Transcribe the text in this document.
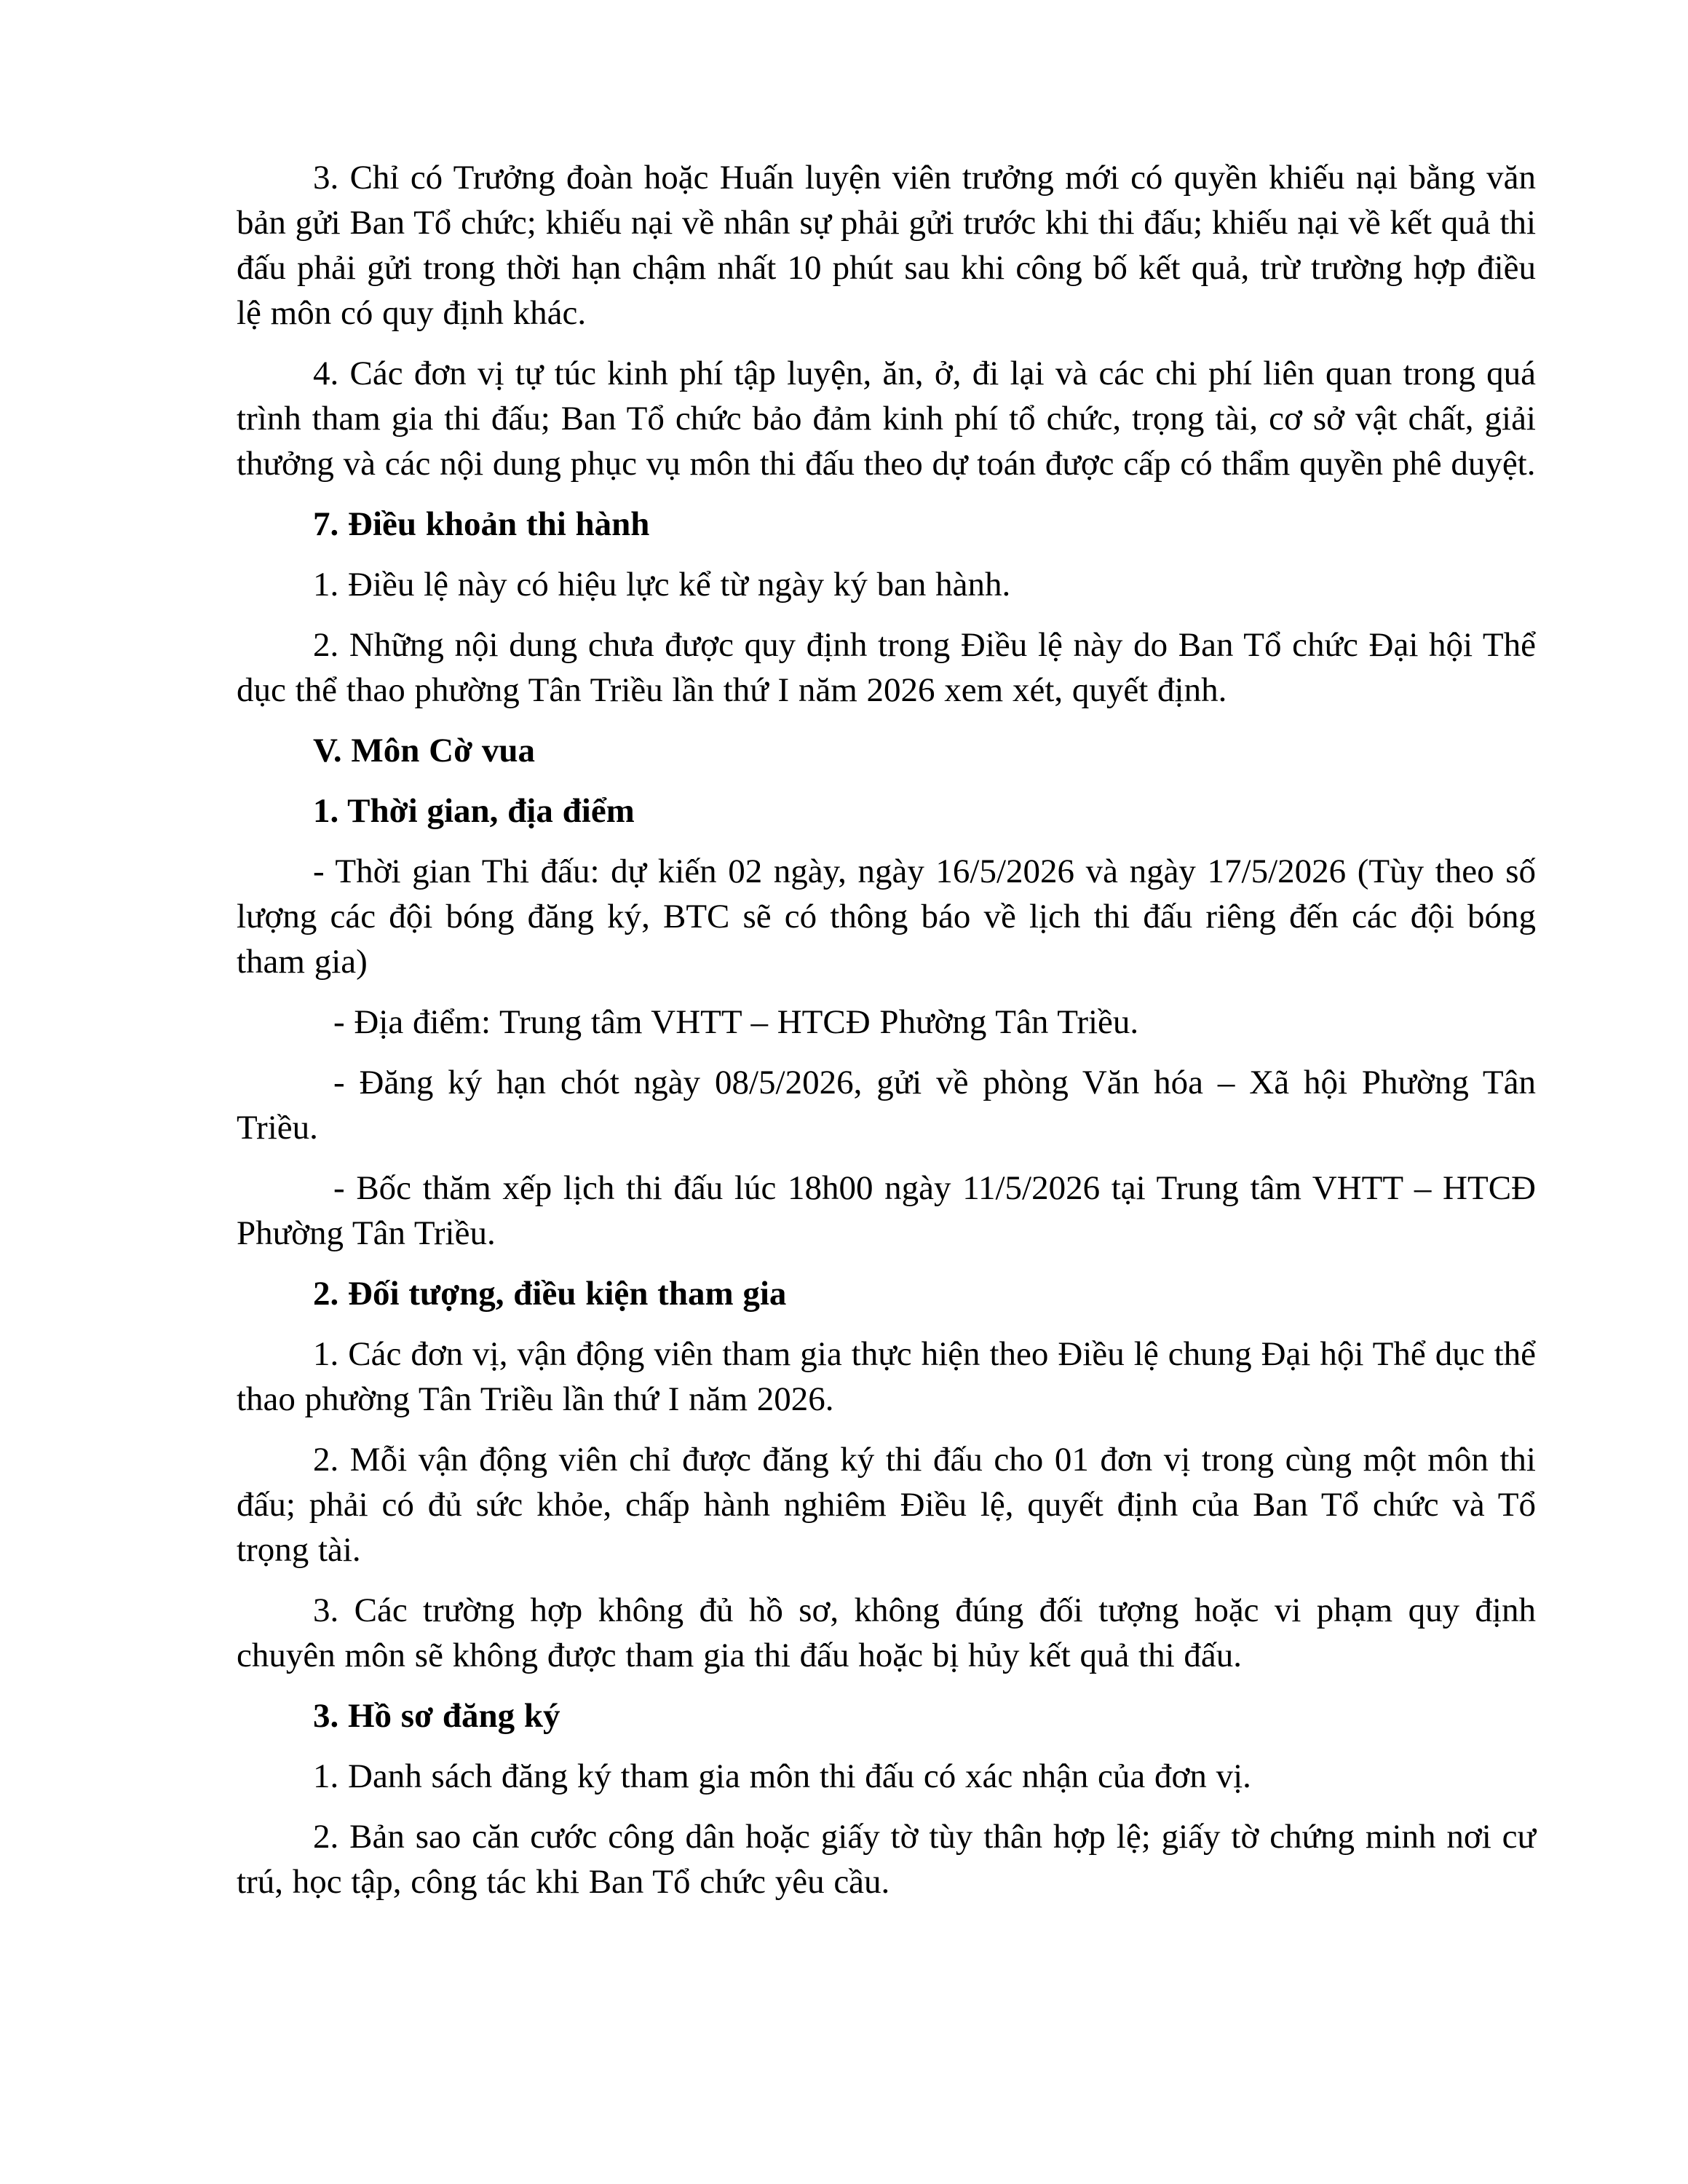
3. Chỉ có Trưởng đoàn hoặc Huấn luyện viên trưởng mới có quyền khiếu nại bằng văn bản gửi Ban Tổ chức; khiếu nại về nhân sự phải gửi trước khi thi đấu; khiếu nại về kết quả thi đấu phải gửi trong thời hạn chậm nhất 10 phút sau khi công bố kết quả, trừ trường hợp điều lệ môn có quy định khác.

4. Các đơn vị tự túc kinh phí tập luyện, ăn, ở, đi lại và các chi phí liên quan trong quá trình tham gia thi đấu; Ban Tổ chức bảo đảm kinh phí tổ chức, trọng tài, cơ sở vật chất, giải thưởng và các nội dung phục vụ môn thi đấu theo dự toán được cấp có thẩm quyền phê duyệt.

7. Điều khoản thi hành

1. Điều lệ này có hiệu lực kể từ ngày ký ban hành.

2. Những nội dung chưa được quy định trong Điều lệ này do Ban Tổ chức Đại hội Thể dục thể thao phường Tân Triều lần thứ I năm 2026 xem xét, quyết định.

V. Môn Cờ vua

1. Thời gian, địa điểm

- Thời gian Thi đấu: dự kiến 02 ngày, ngày 16/5/2026 và ngày 17/5/2026 (Tùy theo số lượng các đội bóng đăng ký, BTC sẽ có thông báo về lịch thi đấu riêng đến các đội bóng tham gia)

- Địa điểm: Trung tâm VHTT – HTCĐ Phường Tân Triều.

- Đăng ký hạn chót ngày 08/5/2026, gửi về phòng Văn hóa – Xã hội Phường Tân Triều.

- Bốc thăm xếp lịch thi đấu lúc 18h00 ngày 11/5/2026 tại Trung tâm VHTT – HTCĐ Phường Tân Triều.

2. Đối tượng, điều kiện tham gia

1. Các đơn vị, vận động viên tham gia thực hiện theo Điều lệ chung Đại hội Thể dục thể thao phường Tân Triều lần thứ I năm 2026.

2. Mỗi vận động viên chỉ được đăng ký thi đấu cho 01 đơn vị trong cùng một môn thi đấu; phải có đủ sức khỏe, chấp hành nghiêm Điều lệ, quyết định của Ban Tổ chức và Tổ trọng tài.

3. Các trường hợp không đủ hồ sơ, không đúng đối tượng hoặc vi phạm quy định chuyên môn sẽ không được tham gia thi đấu hoặc bị hủy kết quả thi đấu.

3. Hồ sơ đăng ký

1. Danh sách đăng ký tham gia môn thi đấu có xác nhận của đơn vị.

2. Bản sao căn cước công dân hoặc giấy tờ tùy thân hợp lệ; giấy tờ chứng minh nơi cư trú, học tập, công tác khi Ban Tổ chức yêu cầu.
